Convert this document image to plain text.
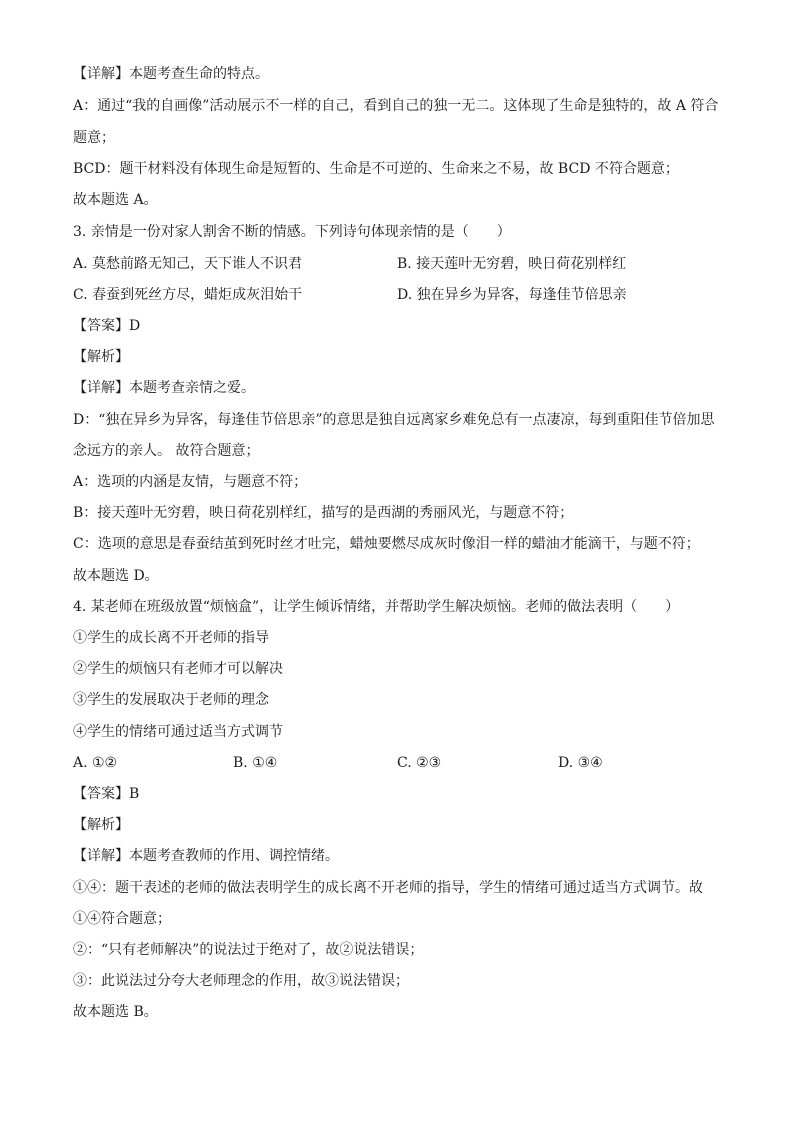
【详解】本题考查生命的特点。
A：通过“我的自画像”活动展示不一样的自己，看到自己的独一无二。这体现了生命是独特的，故 A 符合
题意；
BCD：题干材料没有体现生命是短暂的、生命是不可逆的、生命来之不易，故 BCD 不符合题意；
故本题选 A。
3. 亲情是一份对家人割舍不断的情感。下列诗句体现亲情的是（　　）
A. 莫愁前路无知己，天下谁人不识君	B. 接天莲叶无穷碧，映日荷花别样红
C. 春蚕到死丝方尽，蜡炬成灰泪始干	D. 独在异乡为异客，每逢佳节倍思亲
【答案】D
【解析】
【详解】本题考查亲情之爱。
D：“独在异乡为异客，每逢佳节倍思亲”的意思是独自远离家乡难免总有一点凄凉，每到重阳佳节倍加思
念远方的亲人。 故符合题意；
A：选项的内涵是友情，与题意不符；
B：接天莲叶无穷碧，映日荷花别样红，描写的是西湖的秀丽风光，与题意不符；
C：选项的意思是春蚕结茧到死时丝才吐完，蜡烛要燃尽成灰时像泪一样的蜡油才能滴干，与题不符；
故本题选 D。
4. 某老师在班级放置“烦恼盒”，让学生倾诉情绪，并帮助学生解决烦恼。老师的做法表明（　　）
①学生的成长离不开老师的指导
②学生的烦恼只有老师才可以解决
③学生的发展取决于老师的理念
④学生的情绪可通过适当方式调节
A. ①②	B. ①④	C. ②③	D. ③④
【答案】B
【解析】
【详解】本题考查教师的作用、调控情绪。
①④：题干表述的老师的做法表明学生的成长离不开老师的指导，学生的情绪可通过适当方式调节。故
①④符合题意；
②：“只有老师解决”的说法过于绝对了，故②说法错误；
③：此说法过分夸大老师理念的作用，故③说法错误；
故本题选 B。
